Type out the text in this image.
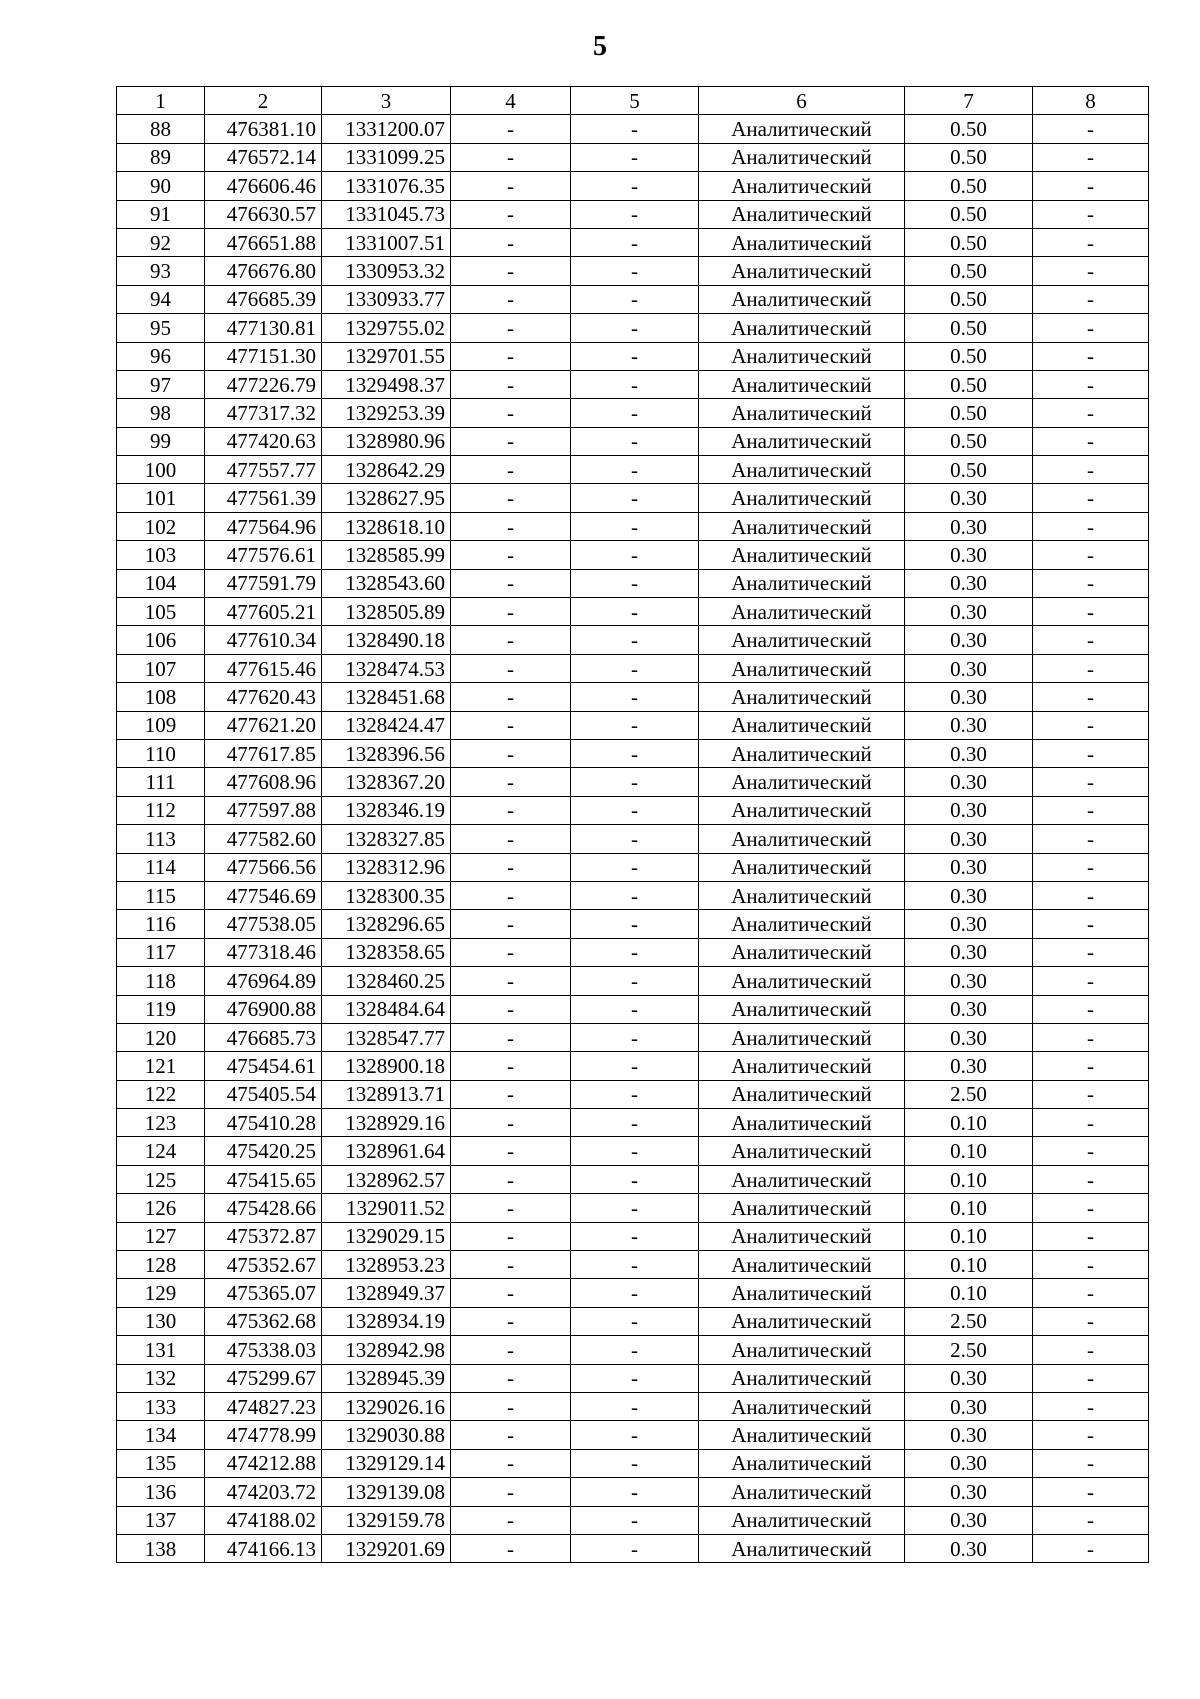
5
1	2	3	4	5	6	7	8
88	476381.10	1331200.07	-	-	Аналитический	0.50	-
89	476572.14	1331099.25	-	-	Аналитический	0.50	-
90	476606.46	1331076.35	-	-	Аналитический	0.50	-
91	476630.57	1331045.73	-	-	Аналитический	0.50	-
92	476651.88	1331007.51	-	-	Аналитический	0.50	-
93	476676.80	1330953.32	-	-	Аналитический	0.50	-
94	476685.39	1330933.77	-	-	Аналитический	0.50	-
95	477130.81	1329755.02	-	-	Аналитический	0.50	-
96	477151.30	1329701.55	-	-	Аналитический	0.50	-
97	477226.79	1329498.37	-	-	Аналитический	0.50	-
98	477317.32	1329253.39	-	-	Аналитический	0.50	-
99	477420.63	1328980.96	-	-	Аналитический	0.50	-
100	477557.77	1328642.29	-	-	Аналитический	0.50	-
101	477561.39	1328627.95	-	-	Аналитический	0.30	-
102	477564.96	1328618.10	-	-	Аналитический	0.30	-
103	477576.61	1328585.99	-	-	Аналитический	0.30	-
104	477591.79	1328543.60	-	-	Аналитический	0.30	-
105	477605.21	1328505.89	-	-	Аналитический	0.30	-
106	477610.34	1328490.18	-	-	Аналитический	0.30	-
107	477615.46	1328474.53	-	-	Аналитический	0.30	-
108	477620.43	1328451.68	-	-	Аналитический	0.30	-
109	477621.20	1328424.47	-	-	Аналитический	0.30	-
110	477617.85	1328396.56	-	-	Аналитический	0.30	-
111	477608.96	1328367.20	-	-	Аналитический	0.30	-
112	477597.88	1328346.19	-	-	Аналитический	0.30	-
113	477582.60	1328327.85	-	-	Аналитический	0.30	-
114	477566.56	1328312.96	-	-	Аналитический	0.30	-
115	477546.69	1328300.35	-	-	Аналитический	0.30	-
116	477538.05	1328296.65	-	-	Аналитический	0.30	-
117	477318.46	1328358.65	-	-	Аналитический	0.30	-
118	476964.89	1328460.25	-	-	Аналитический	0.30	-
119	476900.88	1328484.64	-	-	Аналитический	0.30	-
120	476685.73	1328547.77	-	-	Аналитический	0.30	-
121	475454.61	1328900.18	-	-	Аналитический	0.30	-
122	475405.54	1328913.71	-	-	Аналитический	2.50	-
123	475410.28	1328929.16	-	-	Аналитический	0.10	-
124	475420.25	1328961.64	-	-	Аналитический	0.10	-
125	475415.65	1328962.57	-	-	Аналитический	0.10	-
126	475428.66	1329011.52	-	-	Аналитический	0.10	-
127	475372.87	1329029.15	-	-	Аналитический	0.10	-
128	475352.67	1328953.23	-	-	Аналитический	0.10	-
129	475365.07	1328949.37	-	-	Аналитический	0.10	-
130	475362.68	1328934.19	-	-	Аналитический	2.50	-
131	475338.03	1328942.98	-	-	Аналитический	2.50	-
132	475299.67	1328945.39	-	-	Аналитический	0.30	-
133	474827.23	1329026.16	-	-	Аналитический	0.30	-
134	474778.99	1329030.88	-	-	Аналитический	0.30	-
135	474212.88	1329129.14	-	-	Аналитический	0.30	-
136	474203.72	1329139.08	-	-	Аналитический	0.30	-
137	474188.02	1329159.78	-	-	Аналитический	0.30	-
138	474166.13	1329201.69	-	-	Аналитический	0.30	-
